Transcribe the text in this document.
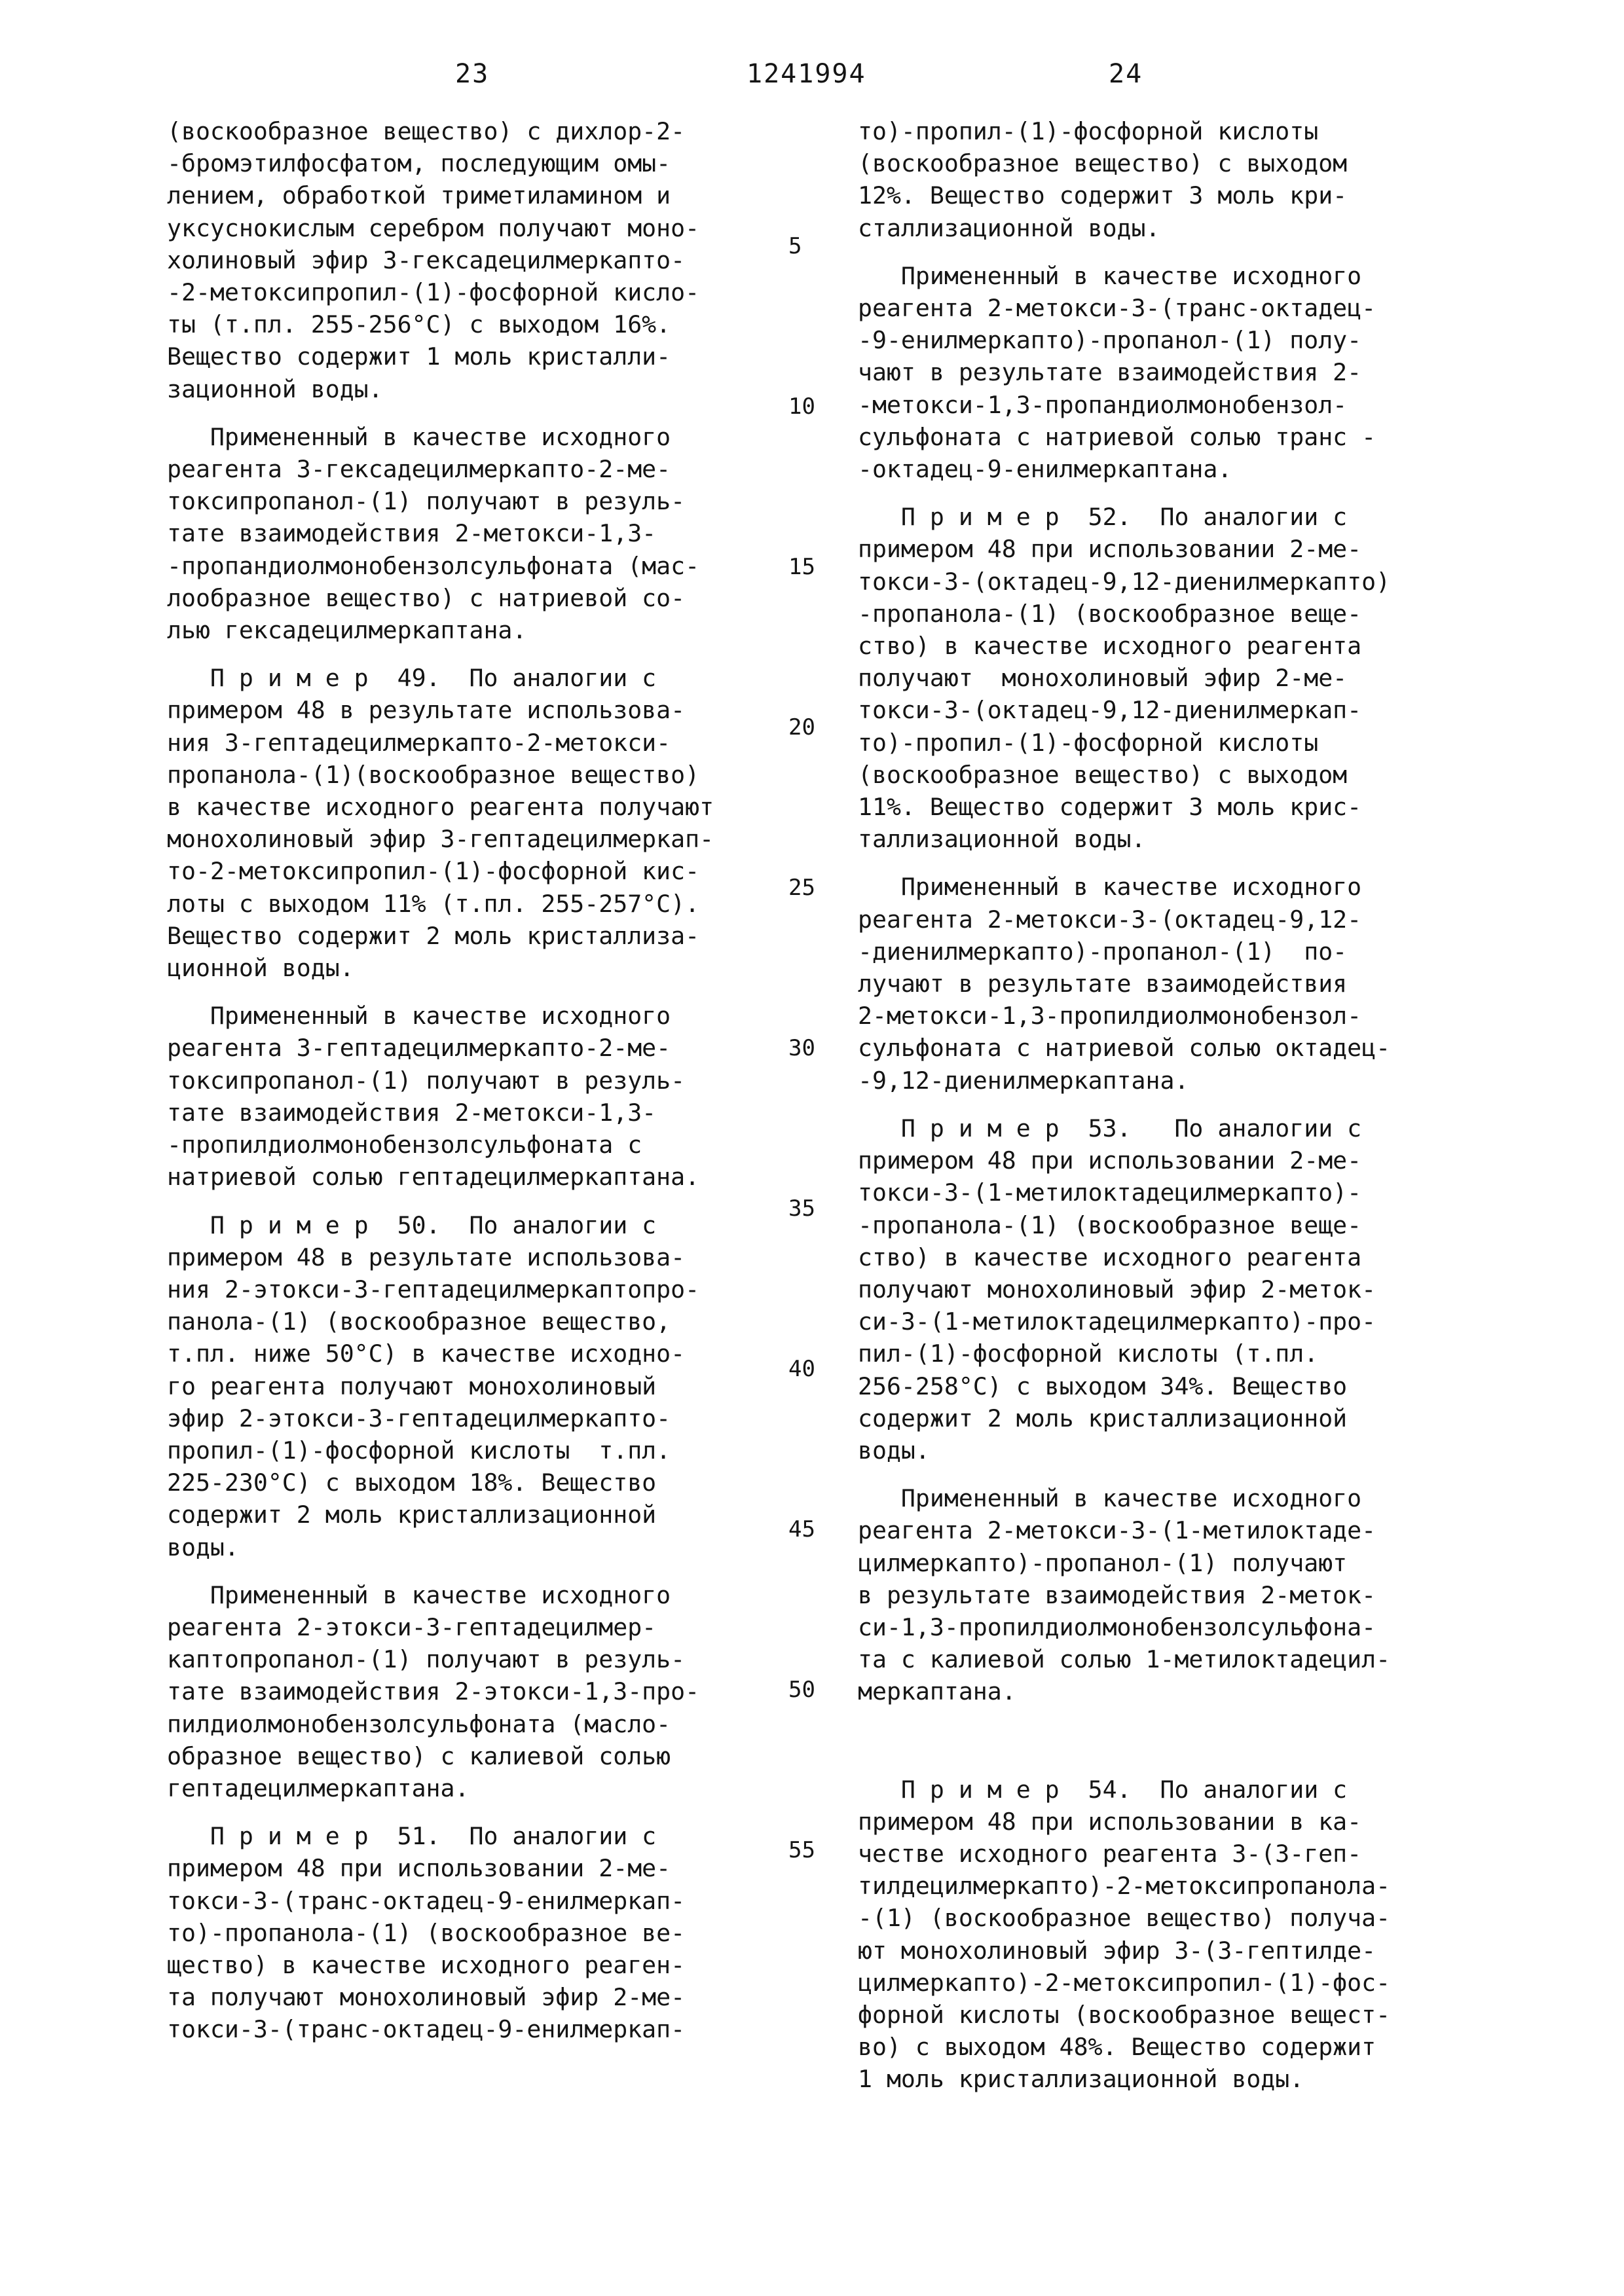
23	1241994	24

(воскообразное вещество) с дихлор-2-
-бромэтилфосфатом, последующим омы-
лением, обработкой триметиламином и
уксуснокислым серебром получают моно-
холиновый эфир 3-гексадецилмеркапто-
-2-метоксипропил-(1)-фосфорной кисло-
ты (т.пл. 255-256°C) с выходом 16%.
Вещество содержит 1 моль кристалли-
зационной воды.

Примененный в качестве исходного
реагента 3-гексадецилмеркапто-2-ме-
токсипропанол-(1) получают в резуль-
тате взаимодействия 2-метокси-1,3-
-пропандиолмонобензолсульфоната (мас-
лообразное вещество) с натриевой со-
лью гексадецилмеркаптана.

П р и м е р  49.  По аналогии с
примером 48 в результате использова-
ния 3-гептадецилмеркапто-2-метокси-
пропанола-(1)(воскообразное вещество)
в качестве исходного реагента получают
монохолиновый эфир 3-гептадецилмеркап-
то-2-метоксипропил-(1)-фосфорной кис-
лоты с выходом 11% (т.пл. 255-257°C).
Вещество содержит 2 моль кристаллиза-
ционной воды.

Примененный в качестве исходного
реагента 3-гептадецилмеркапто-2-ме-
токсипропанол-(1) получают в резуль-
тате взаимодействия 2-метокси-1,3-
-пропилдиолмонобензолсульфоната с
натриевой солью гептадецилмеркаптана.

П р и м е р  50.  По аналогии с
примером 48 в результате использова-
ния 2-этокси-3-гептадецилмеркаптопро-
панола-(1) (воскообразное вещество,
т.пл. ниже 50°C) в качестве исходно-
го реагента получают монохолиновый
эфир 2-этокси-3-гептадецилмеркапто-
пропил-(1)-фосфорной кислоты  т.пл.
225-230°C) с выходом 18%. Вещество
содержит 2 моль кристаллизационной
воды.

Примененный в качестве исходного
реагента 2-этокси-3-гептадецилмер-
каптопропанол-(1) получают в резуль-
тате взаимодействия 2-этокси-1,3-про-
пилдиолмонобензолсульфоната (масло-
образное вещество) с калиевой солью
гептадецилмеркаптана.

П р и м е р  51.  По аналогии с
примером 48 при использовании 2-ме-
токси-3-(транс-октадец-9-енилмеркап-
то)-пропанола-(1) (воскообразное ве-
щество) в качестве исходного реаген-
та получают монохолиновый эфир 2-ме-
токси-3-(транс-октадец-9-енилмеркап-

5
10
15
20
25
30
35
40
45
50
55

то)-пропил-(1)-фосфорной кислоты
(воскообразное вещество) с выходом
12%. Вещество содержит 3 моль кри-
сталлизационной воды.

Примененный в качестве исходного
реагента 2-метокси-3-(транс-октадец-
-9-енилмеркапто)-пропанол-(1) полу-
чают в результате взаимодействия 2-
-метокси-1,3-пропандиолмонобензол-
сульфоната с натриевой солью транс -
-октадец-9-енилмеркаптана.

П р и м е р  52.  По аналогии с
примером 48 при использовании 2-ме-
токси-3-(октадец-9,12-диенилмеркапто)
-пропанола-(1) (воскообразное веще-
ство) в качестве исходного реагента
получают  монохолиновый эфир 2-ме-
токси-3-(октадец-9,12-диенилмеркап-
то)-пропил-(1)-фосфорной кислоты
(воскообразное вещество) с выходом
11%. Вещество содержит 3 моль крис-
таллизационной воды.

Примененный в качестве исходного
реагента 2-метокси-3-(октадец-9,12-
-диенилмеркапто)-пропанол-(1)  по-
лучают в результате взаимодействия
2-метокси-1,3-пропилдиолмонобензол-
сульфоната с натриевой солью октадец-
-9,12-диенилмеркаптана.

П р и м е р  53.   По аналогии с
примером 48 при использовании 2-ме-
токси-3-(1-метилоктадецилмеркапто)-
-пропанола-(1) (воскообразное веще-
ство) в качестве исходного реагента
получают монохолиновый эфир 2-меток-
си-3-(1-метилоктадецилмеркапто)-про-
пил-(1)-фосфорной кислоты (т.пл.
256-258°C) с выходом 34%. Вещество
содержит 2 моль кристаллизационной
воды.

Примененный в качестве исходного
реагента 2-метокси-3-(1-метилоктаде-
цилмеркапто)-пропанол-(1) получают
в результате взаимодействия 2-меток-
си-1,3-пропилдиолмонобензолсульфона-
та с калиевой солью 1-метилоктадецил-
меркаптана.

П р и м е р  54.  По аналогии с
примером 48 при использовании в ка-
честве исходного реагента 3-(3-геп-
тилдецилмеркапто)-2-метоксипропанола-
-(1) (воскообразное вещество) получа-
ют монохолиновый эфир 3-(3-гептилде-
цилмеркапто)-2-метоксипропил-(1)-фос-
форной кислоты (воскообразное вещест-
во) с выходом 48%. Вещество содержит
1 моль кристаллизационной воды.
